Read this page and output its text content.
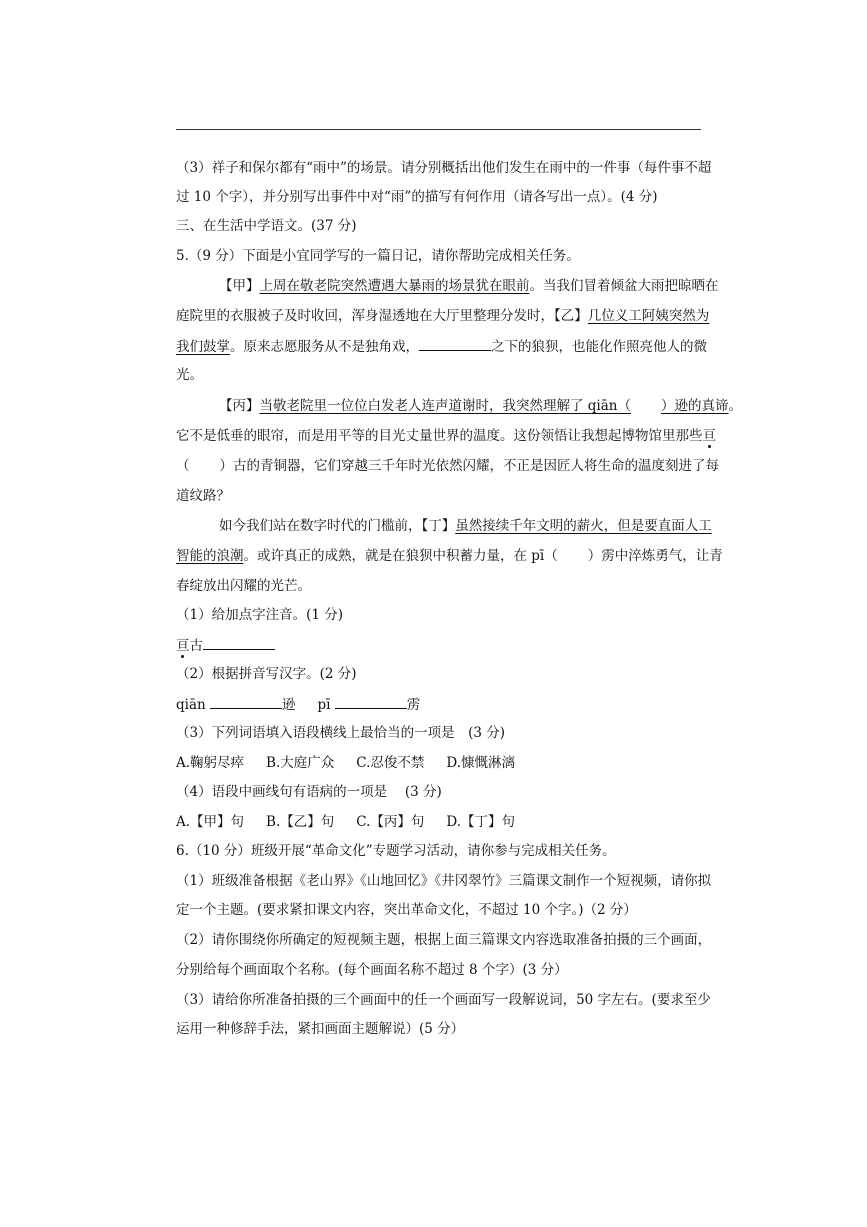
（3）祥子和保尔都有“雨中”的场景。请分别概括出他们发生在雨中的一件事（每件事不超
过 10 个字），并分别写出事件中对“雨”的描写有何作用（请各写出一点）。(4 分)
三、在生活中学语文。(37 分)
5.（9 分）下面是小宜同学写的一篇日记，请你帮助完成相关任务。
【甲】上周在敬老院突然遭遇大暴雨的场景犹在眼前。当我们冒着倾盆大雨把晾晒在
庭院里的衣服被子及时收回，浑身湿透地在大厅里整理分发时，【乙】几位义工阿姨突然为
我们鼓掌。原来志愿服务从不是独角戏，	之下的狼狈，也能化作照亮他人的微
光。
【丙】当敬老院里一位位白发老人连声道谢时，我突然理解了 qiān（ ）逊的真谛。
它不是低垂的眼帘，而是用平等的目光丈量世界的温度。这份领悟让我想起博物馆里那些亘
（ ）古的青铜器，它们穿越三千年时光依然闪耀，不正是因匠人将生命的温度刻进了每
道纹路？
如今我们站在数字时代的门槛前，【丁】虽然接续千年文明的薪火，但是要直面人工
智能的浪潮。或许真正的成熟，就是在狼狈中积蓄力量，在 pī（ ）雳中淬炼勇气，让青
春绽放出闪耀的光芒。
（1）给加点字注音。(1 分)
亘古
（2）根据拼音写汉字。(2 分)
qiān	逊 pī	雳
（3）下列词语填入语段横线上最恰当的一项是　(3 分)
A.鞠躬尽瘁 B.大庭广众 C.忍俊不禁 D.慷慨淋漓
（4）语段中画线句有语病的一项是　 (3 分)
A.【甲】句 B.【乙】句 C.【丙】句 D.【丁】句
6.（10 分）班级开展“革命文化”专题学习活动，请你参与完成相关任务。
（1）班级准备根据《老山界》《山地回忆》《井冈翠竹》三篇课文制作一个短视频，请你拟
定一个主题。(要求紧扣课文内容，突出革命文化，不超过 10 个字。)（2 分）
（2）请你围绕你所确定的短视频主题，根据上面三篇课文内容选取准备拍摄的三个画面，
分别给每个画面取个名称。(每个画面名称不超过 8 个字）(3 分）
（3）请给你所准备拍摄的三个画面中的任一个画面写一段解说词，50 字左右。(要求至少
运用一种修辞手法，紧扣画面主题解说）(5 分）
